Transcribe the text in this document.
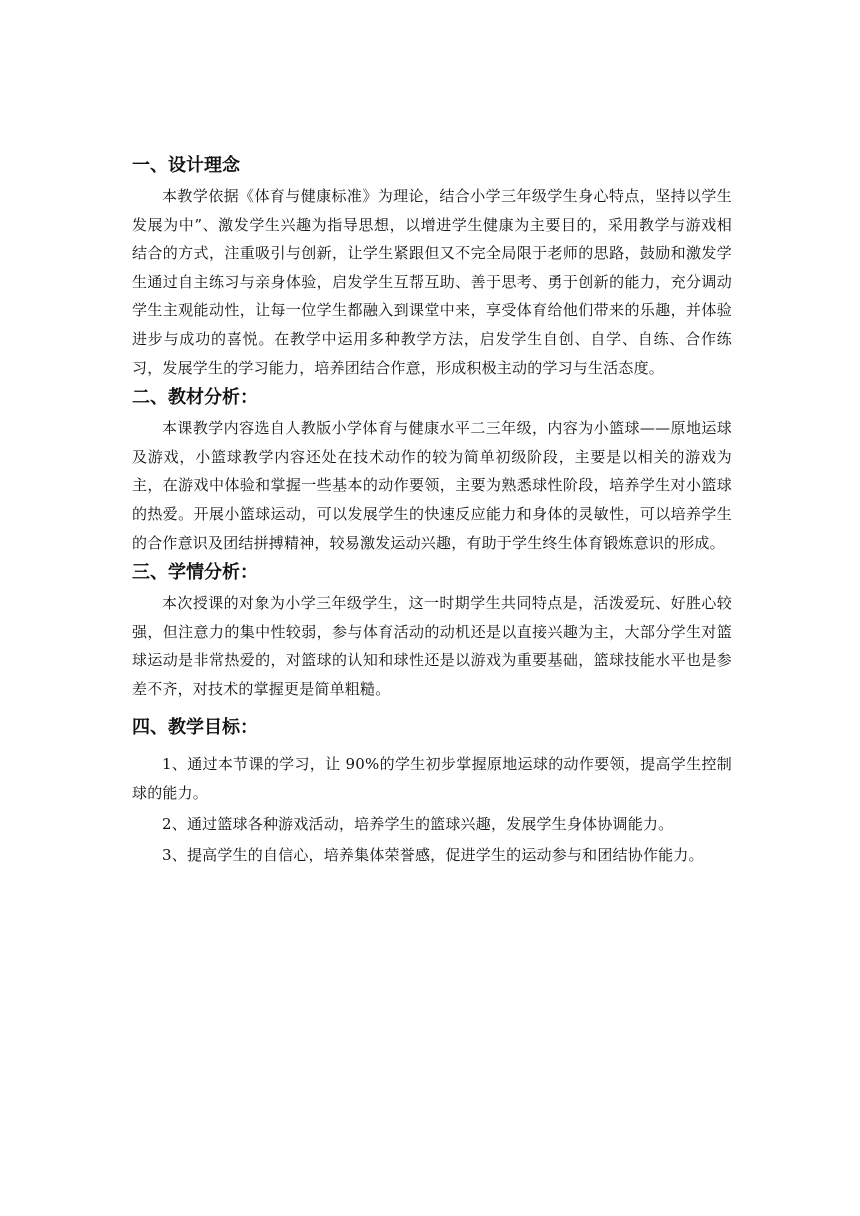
一、设计理念

本教学依据《体育与健康标准》为理论，结合小学三年级学生身心特点，坚持以学生发展为中”、激发学生兴趣为指导思想，以增进学生健康为主要目的，采用教学与游戏相结合的方式，注重吸引与创新，让学生紧跟但又不完全局限于老师的思路，鼓励和激发学生通过自主练习与亲身体验，启发学生互帮互助、善于思考、勇于创新的能力，充分调动学生主观能动性，让每一位学生都融入到课堂中来，享受体育给他们带来的乐趣，并体验进步与成功的喜悦。在教学中运用多种教学方法，启发学生自创、自学、自练、合作练习，发展学生的学习能力，培养团结合作意，形成积极主动的学习与生活态度。

二、教材分析：

本课教学内容选自人教版小学体育与健康水平二三年级，内容为小篮球——原地运球及游戏，小篮球教学内容还处在技术动作的较为简单初级阶段，主要是以相关的游戏为主，在游戏中体验和掌握一些基本的动作要领，主要为熟悉球性阶段，培养学生对小篮球的热爱。开展小篮球运动，可以发展学生的快速反应能力和身体的灵敏性，可以培养学生的合作意识及团结拼搏精神，较易激发运动兴趣，有助于学生终生体育锻炼意识的形成。

三、学情分析：

本次授课的对象为小学三年级学生，这一时期学生共同特点是，活泼爱玩、好胜心较强，但注意力的集中性较弱，参与体育活动的动机还是以直接兴趣为主，大部分学生对篮球运动是非常热爱的，对篮球的认知和球性还是以游戏为重要基础，篮球技能水平也是参差不齐，对技术的掌握更是简单粗糙。

四、教学目标：

1、通过本节课的学习，让 90%的学生初步掌握原地运球的动作要领，提高学生控制球的能力。

2、通过篮球各种游戏活动，培养学生的篮球兴趣，发展学生身体协调能力。

3、提高学生的自信心，培养集体荣誉感，促进学生的运动参与和团结协作能力。
